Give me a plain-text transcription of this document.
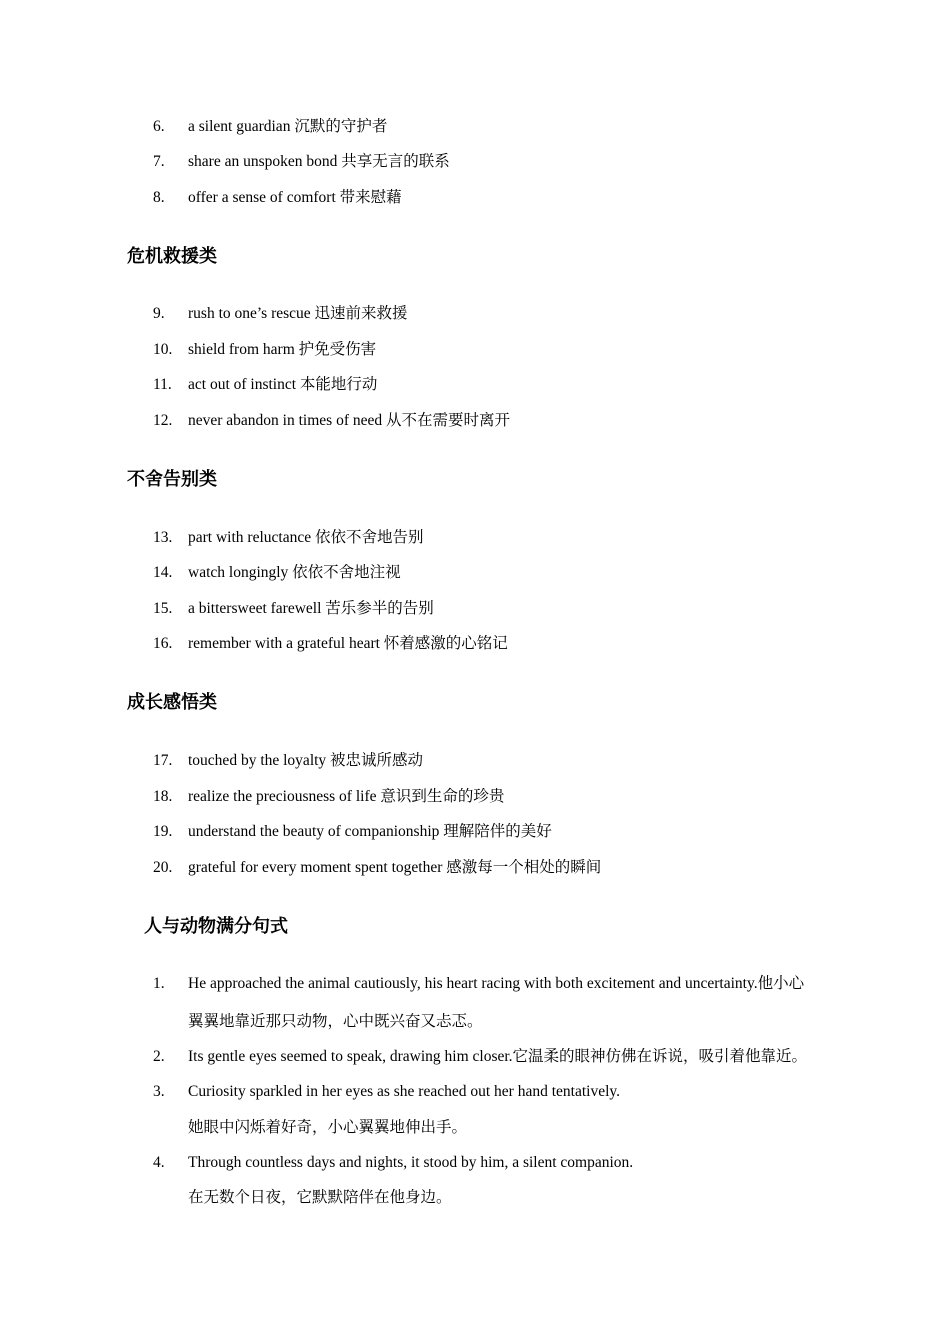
6. a silent guardian 沉默的守护者
7. share an unspoken bond 共享无言的联系
8. offer a sense of comfort 带来慰藉
危机救援类
9. rush to one’s rescue 迅速前来救援
10. shield from harm 护免受伤害
11. act out of instinct 本能地行动
12. never abandon in times of need 从不在需要时离开
不舍告别类
13. part with reluctance 依依不舍地告别
14. watch longingly 依依不舍地注视
15. a bittersweet farewell 苦乐参半的告别
16. remember with a grateful heart 怀着感激的心铭记
成长感悟类
17. touched by the loyalty 被忠诚所感动
18. realize the preciousness of life 意识到生命的珍贵
19. understand the beauty of companionship 理解陪伴的美好
20. grateful for every moment spent together 感激每一个相处的瞬间
人与动物满分句式
1.	He approached the animal cautiously, his heart racing with both excitement and uncertainty.他小心
翼翼地靠近那只动物，心中既兴奋又忐忑。
2.	Its gentle eyes seemed to speak, drawing him closer.它温柔的眼神仿佛在诉说，吸引着他靠近。
3.	Curiosity sparkled in her eyes as she reached out her hand tentatively.
她眼中闪烁着好奇，小心翼翼地伸出手。
4.	Through countless days and nights, it stood by him, a silent companion.
在无数个日夜，它默默陪伴在他身边。
